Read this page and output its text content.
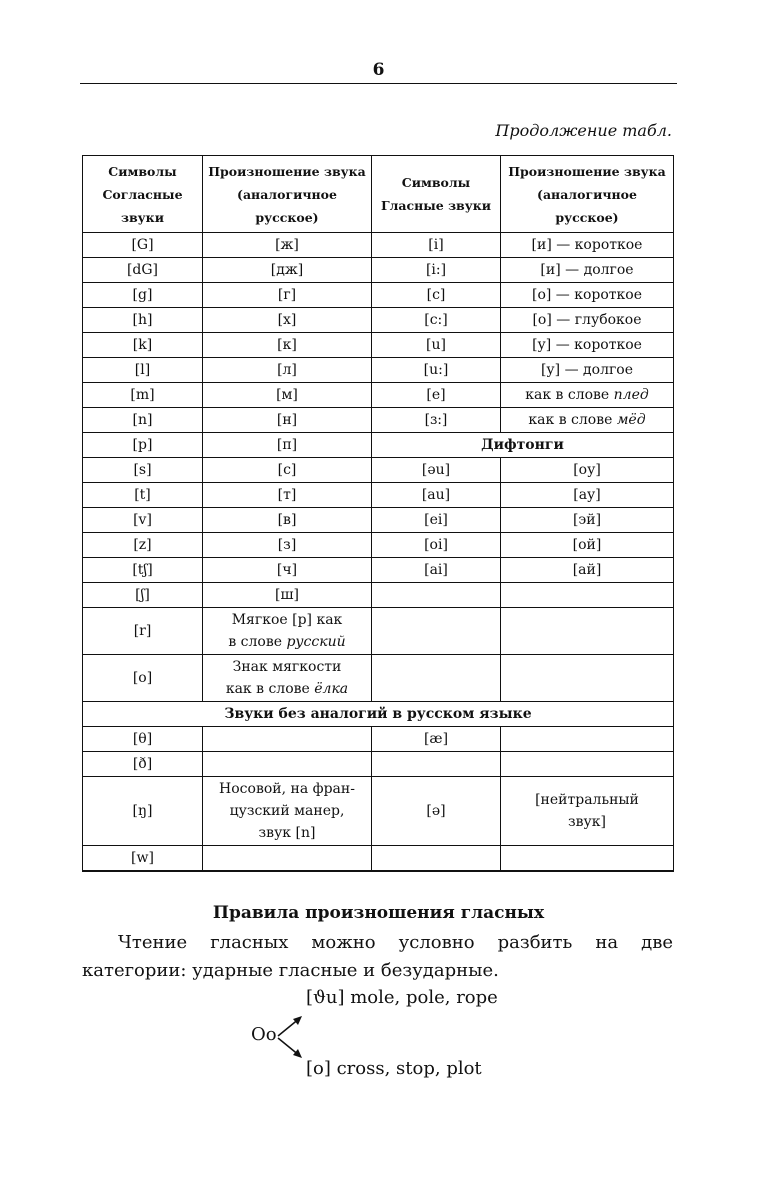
6
Продолжение табл.
Символы
Согласные
звуки	Произношение звука
(аналогичное
русское)	Символы
Гласные звуки	Произношение звука
(аналогичное
русское)
[G]	[ж]	[i]	[и] — короткое
[dG]	[дж]	[i:]	[и] — долгое
[g]	[г]	[c]	[о] — короткое
[h]	[х]	[c:]	[о] — глубокое
[k]	[к]	[u]	[у] — короткое
[l]	[л]	[u:]	[у] — долгое
[m]	[м]	[e]	как в слове плед
[n]	[н]	[ɜ:]	как в слове мёд
[p]	[п]	Дифтонги	
[s]	[с]	[əu]	[оу]
[t]	[т]	[au]	[ау]
[v]	[в]	[ei]	[эй]
[z]	[з]	[oi]	[ой]
[tʃ]	[ч]	[ai]	[ай]
[ʃ]	[ш]		
[r]	Мягкое [р] как
в слове русский		
[o]	Знак мягкости
как в слове ёлка		
Звуки без аналогий в русском языке			
[θ]		[æ]	
[ð]			
[ŋ]	Носовой, на фран-
цузский манер,
звук [n]	[ə]	[нейтральный
звук]
[w]			
Правила произношения гласных
Чтение гласных можно условно разбить на две категории: ударные гласные и безударные.
[ϑu] mole, pole, rope
Oo
[o] cross, stop, plot
